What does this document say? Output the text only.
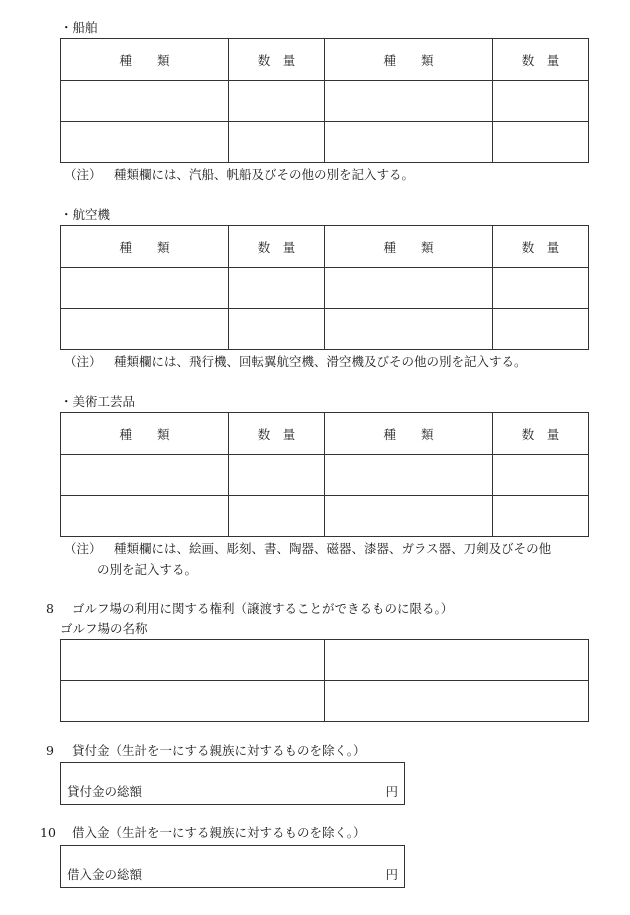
・船舶
種　　類	数　量	種　　類	数　量

（注） 種類欄には、汽船、帆船及びその他の別を記入する。
・航空機
種　　類	数　量	種　　類	数　量

（注） 種類欄には、飛行機、回転翼航空機、滑空機及びその他の別を記入する。
・美術工芸品
種　　類	数　量	種　　類	数　量

（注） 種類欄には、絵画、彫刻、書、陶器、磁器、漆器、ガラス器、刀剣及びその他
の別を記入する。
8 ゴルフ場の利用に関する権利（譲渡することができるものに限る。）
ゴルフ場の名称

9 貸付金（生計を一にする親族に対するものを除く。）
貸付金の総額	円
10 借入金（生計を一にする親族に対するものを除く。）
借入金の総額	円
